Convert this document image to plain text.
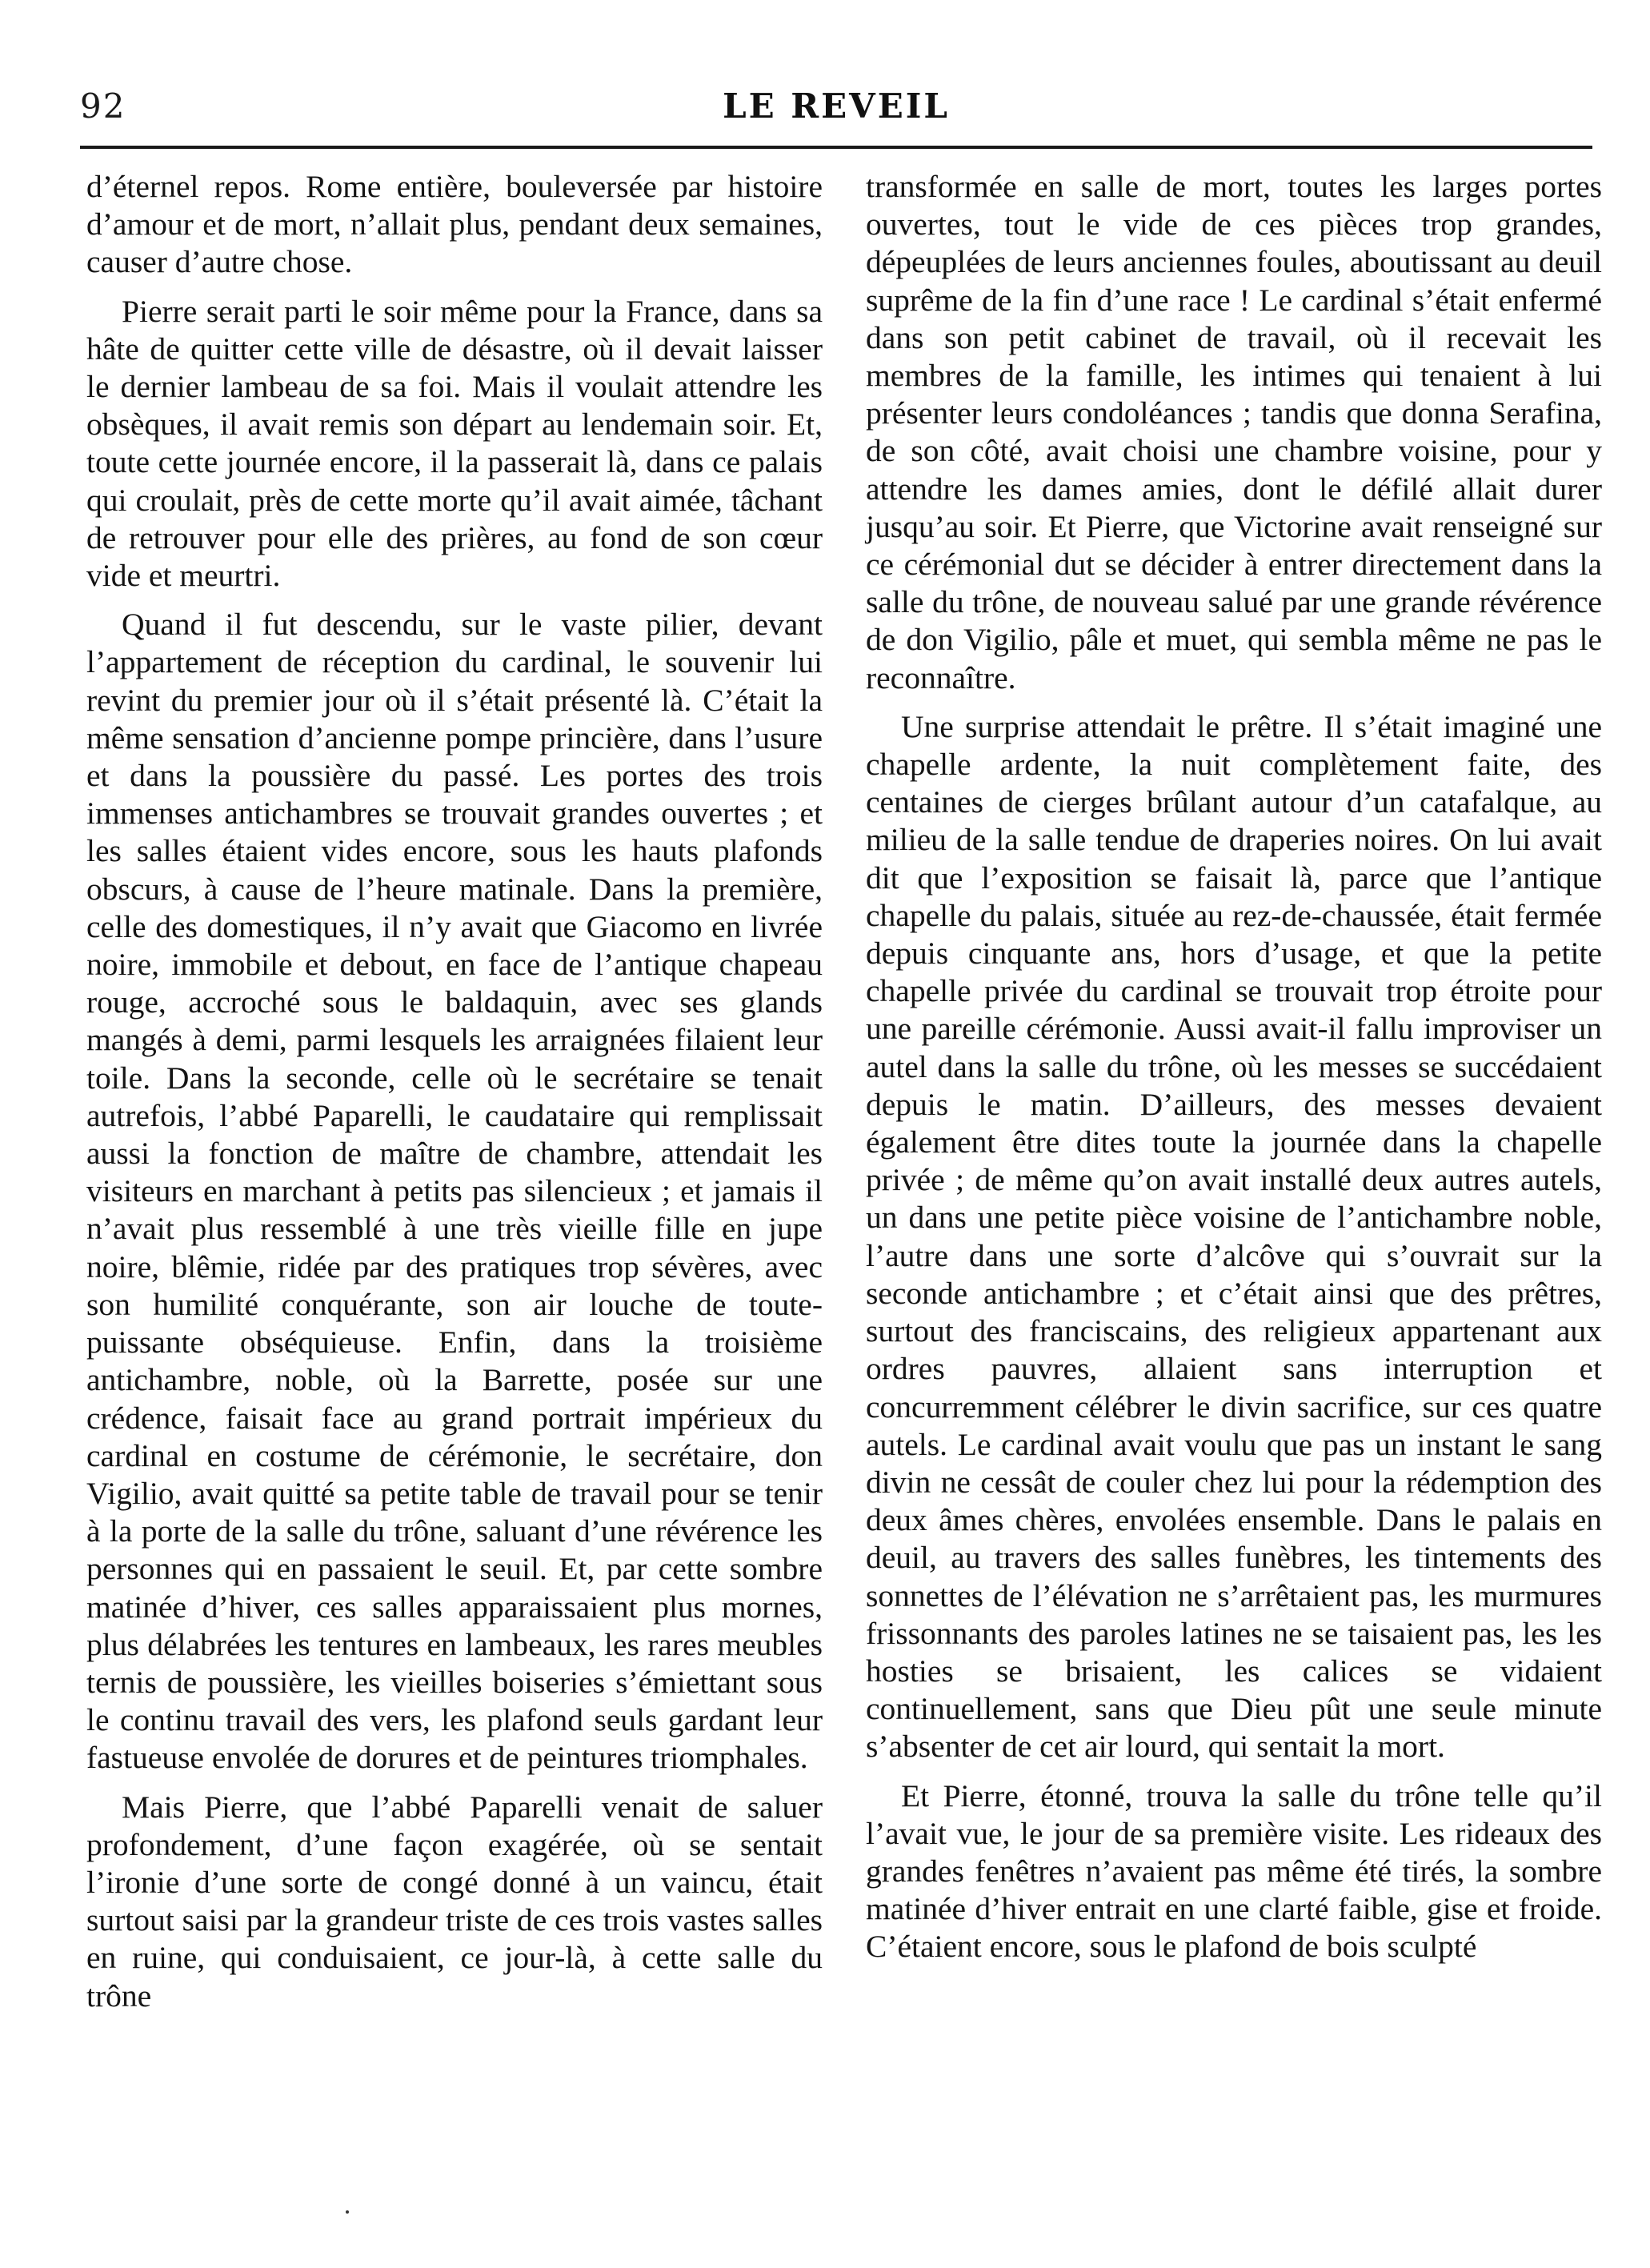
92	LE REVEIL

d’éternel repos. Rome entière, bouleversée par histoire d’amour et de mort, n’allait plus, pendant deux semaines, causer d’autre chose.

Pierre serait parti le soir même pour la France, dans sa hâte de quitter cette ville de désastre, où il devait laisser le dernier lambeau de sa foi. Mais il voulait attendre les obsèques, il avait remis son départ au lendemain soir. Et, toute cette journée encore, il la passerait là, dans ce palais qui croulait, près de cette morte qu’il avait aimée, tâchant de retrouver pour elle des prières, au fond de son cœur vide et meurtri.

Quand il fut descendu, sur le vaste pilier, devant l’appartement de réception du cardinal, le souvenir lui revint du premier jour où il s’était présenté là. C’était la même sensation d’ancienne pompe princière, dans l’usure et dans la poussière du passé. Les portes des trois immenses antichambres se trouvait grandes ouvertes ; et les salles étaient vides encore, sous les hauts plafonds obscurs, à cause de l’heure matinale. Dans la première, celle des domestiques, il n’y avait que Giacomo en livrée noire, immobile et debout, en face de l’antique chapeau rouge, accroché sous le baldaquin, avec ses glands mangés à demi, parmi lesquels les arraignées filaient leur toile. Dans la seconde, celle où le secrétaire se tenait autrefois, l’abbé Paparelli, le caudataire qui remplissait aussi la fonction de maître de chambre, attendait les visiteurs en marchant à petits pas silencieux ; et jamais il n’avait plus ressemblé à une très vieille fille en jupe noire, blêmie, ridée par des pratiques trop sévères, avec son humilité conquérante, son air louche de toute-puissante obséquieuse. Enfin, dans la troisième antichambre, noble, où la Barrette, posée sur une crédence, faisait face au grand portrait impérieux du cardinal en costume de cérémonie, le secrétaire, don Vigilio, avait quitté sa petite table de travail pour se tenir à la porte de la salle du trône, saluant d’une révérence les personnes qui en passaient le seuil. Et, par cette sombre matinée d’hiver, ces salles apparaissaient plus mornes, plus délabrées les tentures en lambeaux, les rares meubles ternis de poussière, les vieilles boiseries s’émiettant sous le continu travail des vers, les plafond seuls gardant leur fastueuse envolée de dorures et de peintures triomphales.

Mais Pierre, que l’abbé Paparelli venait de saluer profondement, d’une façon exagérée, où se sentait l’ironie d’une sorte de congé donné à un vaincu, était surtout saisi par la grandeur triste de ces trois vastes salles en ruine, qui conduisaient, ce jour-là, à cette salle du trône

transformée en salle de mort, toutes les larges portes ouvertes, tout le vide de ces pièces trop grandes, dépeuplées de leurs anciennes foules, aboutissant au deuil suprême de la fin d’une race ! Le cardinal s’était enfermé dans son petit cabinet de travail, où il recevait les membres de la famille, les intimes qui tenaient à lui présenter leurs condoléances ; tandis que donna Serafina, de son côté, avait choisi une chambre voisine, pour y attendre les dames amies, dont le défilé allait durer jusqu’au soir. Et Pierre, que Victorine avait renseigné sur ce cérémonial dut se décider à entrer directement dans la salle du trône, de nouveau salué par une grande révérence de don Vigilio, pâle et muet, qui sembla même ne pas le reconnaître.

Une surprise attendait le prêtre. Il s’était imaginé une chapelle ardente, la nuit complètement faite, des centaines de cierges brûlant autour d’un catafalque, au milieu de la salle tendue de draperies noires. On lui avait dit que l’exposition se faisait là, parce que l’antique chapelle du palais, située au rez-de-chaussée, était fermée depuis cinquante ans, hors d’usage, et que la petite chapelle privée du cardinal se trouvait trop étroite pour une pareille cérémonie. Aussi avait-il fallu improviser un autel dans la salle du trône, où les messes se succédaient depuis le matin. D’ailleurs, des messes devaient également être dites toute la journée dans la chapelle privée ; de même qu’on avait installé deux autres autels, un dans une petite pièce voisine de l’antichambre noble, l’autre dans une sorte d’alcôve qui s’ouvrait sur la seconde antichambre ; et c’était ainsi que des prêtres, surtout des franciscains, des religieux appartenant aux ordres pauvres, allaient sans interruption et concurremment célébrer le divin sacrifice, sur ces quatre autels. Le cardinal avait voulu que pas un instant le sang divin ne cessât de couler chez lui pour la rédemption des deux âmes chères, envolées ensemble. Dans le palais en deuil, au travers des salles funèbres, les tintements des sonnettes de l’élévation ne s’arrêtaient pas, les murmures frissonnants des paroles latines ne se taisaient pas, les les hosties se brisaient, les calices se vidaient continuellement, sans que Dieu pût une seule minute s’absenter de cet air lourd, qui sentait la mort.

Et Pierre, étonné, trouva la salle du trône telle qu’il l’avait vue, le jour de sa première visite. Les rideaux des grandes fenêtres n’avaient pas même été tirés, la sombre matinée d’hiver entrait en une clarté faible, gise et froide. C’étaient encore, sous le plafond de bois sculpté
